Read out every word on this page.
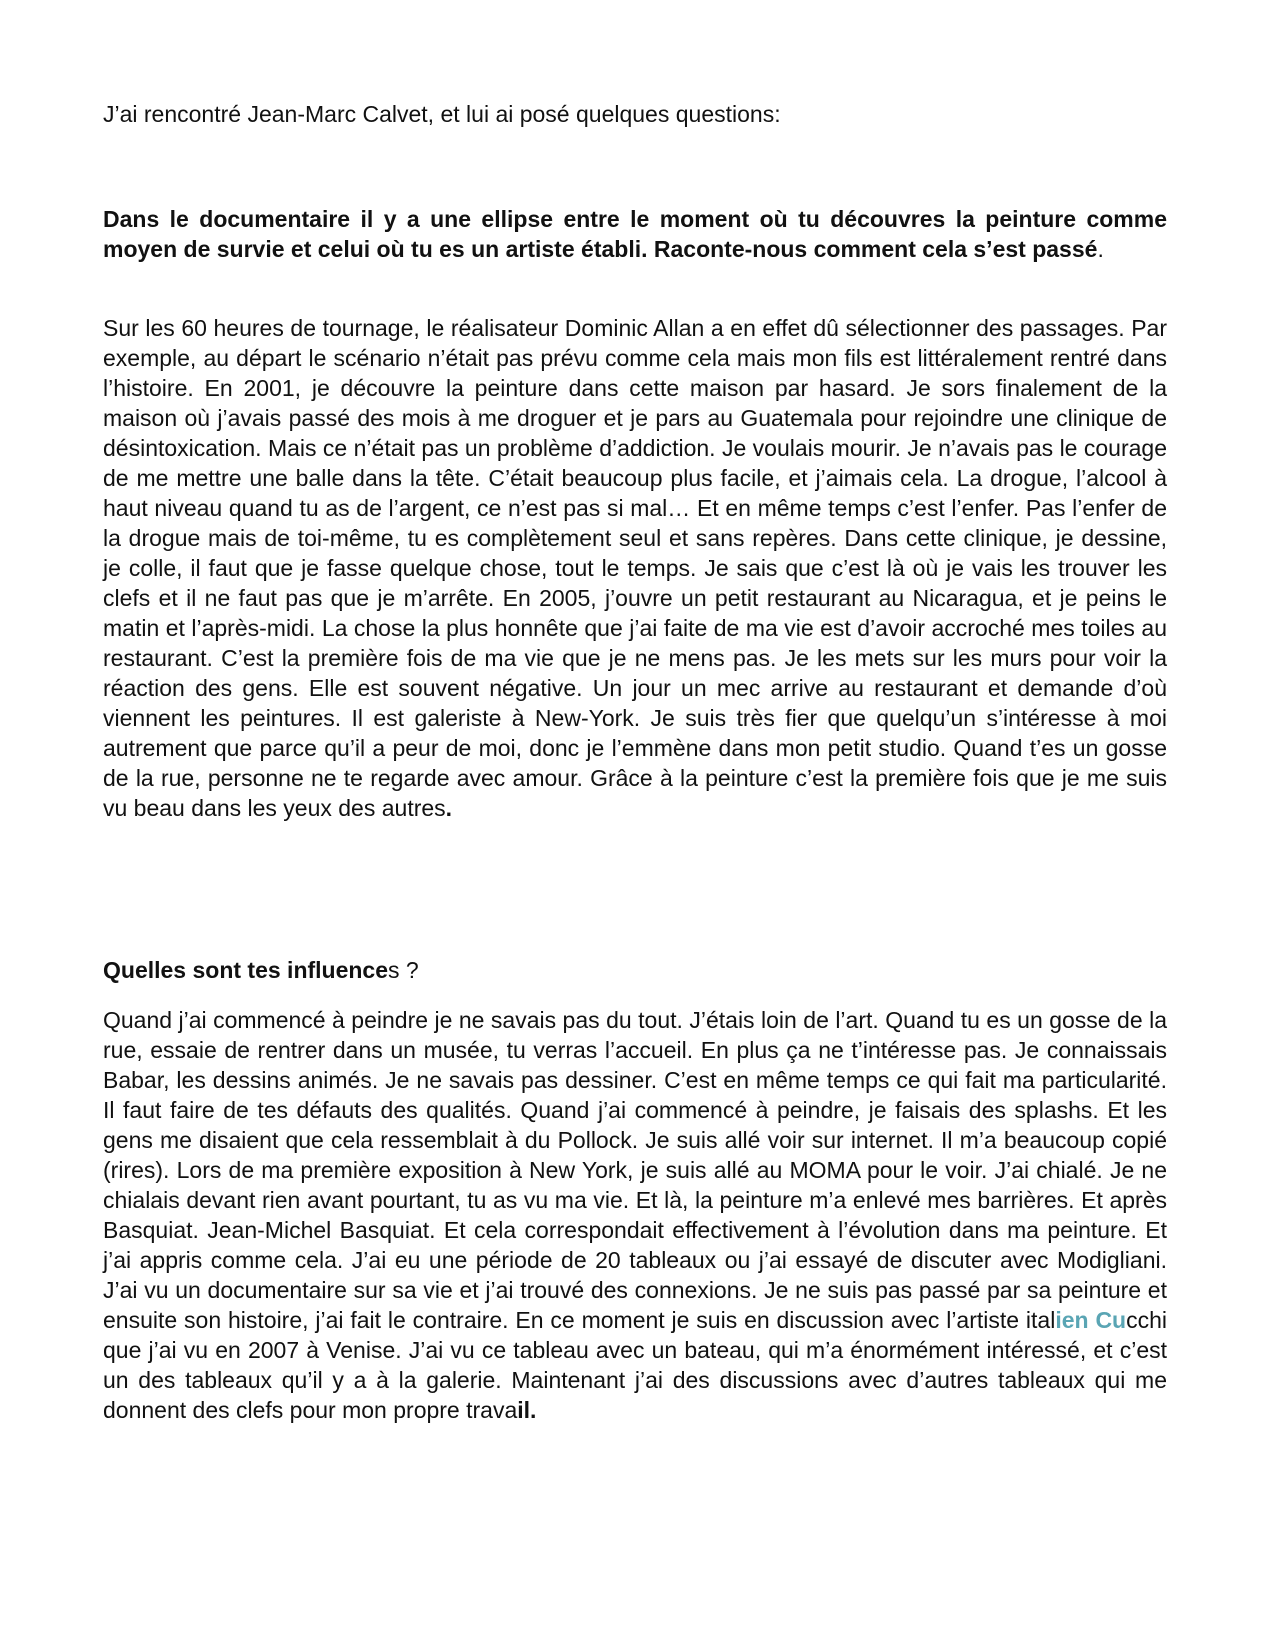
J’ai rencontré Jean-Marc Calvet, et lui ai posé quelques questions:

Dans le documentaire il y a une ellipse entre le moment où tu découvres la peinture comme moyen de survie et celui où tu es un artiste établi. Raconte-nous comment cela s’est passé.

Sur les 60 heures de tournage, le réalisateur Dominic Allan a en effet dû sélectionner des passages. Par exemple, au départ le scénario n’était pas prévu comme cela mais mon fils est littéralement rentré dans l’histoire. En 2001, je découvre la peinture dans cette maison par hasard. Je sors finalement de la maison où j’avais passé des mois à me droguer et je pars au Guatemala pour rejoindre une clinique de désintoxication. Mais ce n’était pas un problème d’addiction. Je voulais mourir. Je n’avais pas le courage de me mettre une balle dans la tête. C’était beaucoup plus facile, et j’aimais cela. La drogue, l’alcool à haut niveau quand tu as de l’argent, ce n’est pas si mal… Et en même temps c’est l’enfer. Pas l’enfer de la drogue mais de toi-même, tu es complètement seul et sans repères. Dans cette clinique, je dessine, je colle, il faut que je fasse quelque chose, tout le temps. Je sais que c’est là où je vais les trouver les clefs et il ne faut pas que je m’arrête. En 2005, j’ouvre un petit restaurant au Nicaragua, et je peins le matin et l’après-midi. La chose la plus honnête que j’ai faite de ma vie est d’avoir accroché mes toiles au restaurant. C’est la première fois de ma vie que je ne mens pas. Je les mets sur les murs pour voir la réaction des gens. Elle est souvent négative. Un jour un mec arrive au restaurant et demande d’où viennent les peintures. Il est galeriste à New-York. Je suis très fier que quelqu’un s’intéresse à moi autrement que parce qu’il a peur de moi, donc je l’emmène dans mon petit studio. Quand t’es un gosse de la rue, personne ne te regarde avec amour. Grâce à la peinture c’est la première fois que je me suis vu beau dans les yeux des autres.

Quelles sont tes influences ?

Quand j’ai commencé à peindre je ne savais pas du tout. J’étais loin de l’art. Quand tu es un gosse de la rue, essaie de rentrer dans un musée, tu verras l’accueil. En plus ça ne t’intéresse pas. Je connaissais Babar, les dessins animés. Je ne savais pas dessiner. C’est en même temps ce qui fait ma particularité. Il faut faire de tes défauts des qualités. Quand j’ai commencé à peindre, je faisais des splashs. Et les gens me disaient que cela ressemblait à du Pollock. Je suis allé voir sur internet. Il m’a beaucoup copié (rires). Lors de ma première exposition à New York, je suis allé au MOMA pour le voir. J’ai chialé. Je ne chialais devant rien avant pourtant, tu as vu ma vie. Et là, la peinture m’a enlevé mes barrières. Et après Basquiat. Jean-Michel Basquiat. Et cela correspondait effectivement à l’évolution dans ma peinture. Et j’ai appris comme cela. J’ai eu une période de 20 tableaux ou j’ai essayé de discuter avec Modigliani. J’ai vu un documentaire sur sa vie et j’ai trouvé des connexions. Je ne suis pas passé par sa peinture et ensuite son histoire, j’ai fait le contraire. En ce moment je suis en discussion avec l’artiste italien Cucchi que j’ai vu en 2007 à Venise. J’ai vu ce tableau avec un bateau, qui m’a énormément intéressé, et c’est un des tableaux qu’il y a à la galerie. Maintenant j’ai des discussions avec d’autres tableaux qui me donnent des clefs pour mon propre travail.
